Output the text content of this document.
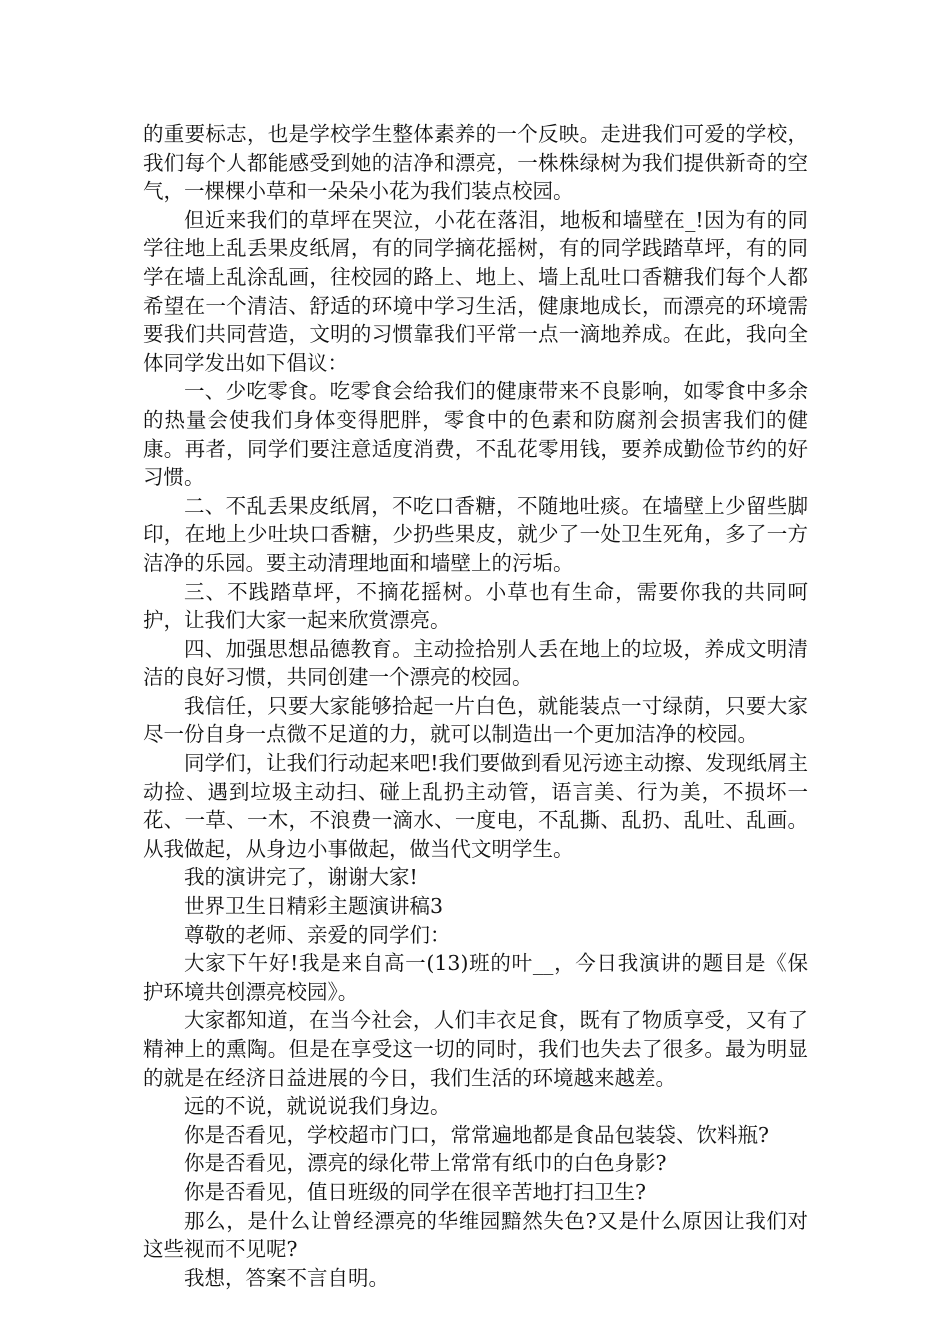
的重要标志，也是学校学生整体素养的一个反映。走进我们可爱的学校，我们每个人都能感受到她的洁净和漂亮，一株株绿树为我们提供新奇的空气，一棵棵小草和一朵朵小花为我们装点校园。

但近来我们的草坪在哭泣，小花在落泪，地板和墙壁在_!因为有的同学往地上乱丢果皮纸屑，有的同学摘花摇树，有的同学践踏草坪，有的同学在墙上乱涂乱画，往校园的路上、地上、墙上乱吐口香糖我们每个人都希望在一个清洁、舒适的环境中学习生活，健康地成长，而漂亮的环境需要我们共同营造，文明的习惯靠我们平常一点一滴地养成。在此，我向全体同学发出如下倡议：

一、少吃零食。吃零食会给我们的健康带来不良影响，如零食中多余的热量会使我们身体变得肥胖，零食中的色素和防腐剂会损害我们的健康。再者，同学们要注意适度消费，不乱花零用钱，要养成勤俭节约的好习惯。

二、不乱丢果皮纸屑，不吃口香糖，不随地吐痰。在墙壁上少留些脚印，在地上少吐块口香糖，少扔些果皮，就少了一处卫生死角，多了一方洁净的乐园。要主动清理地面和墙壁上的污垢。

三、不践踏草坪，不摘花摇树。小草也有生命，需要你我的共同呵护，让我们大家一起来欣赏漂亮。

四、加强思想品德教育。主动捡拾别人丢在地上的垃圾，养成文明清洁的良好习惯，共同创建一个漂亮的校园。

我信任，只要大家能够拾起一片白色，就能装点一寸绿荫，只要大家尽一份自身一点微不足道的力，就可以制造出一个更加洁净的校园。

同学们，让我们行动起来吧!我们要做到看见污迹主动擦、发现纸屑主动捡、遇到垃圾主动扫、碰上乱扔主动管，语言美、行为美，不损坏一花、一草、一木，不浪费一滴水、一度电，不乱撕、乱扔、乱吐、乱画。从我做起，从身边小事做起，做当代文明学生。

我的演讲完了，谢谢大家!

世界卫生日精彩主题演讲稿3

尊敬的老师、亲爱的同学们：

大家下午好!我是来自高一(13)班的叶__，今日我演讲的题目是《保护环境共创漂亮校园》。

大家都知道，在当今社会，人们丰衣足食，既有了物质享受，又有了精神上的熏陶。但是在享受这一切的同时，我们也失去了很多。最为明显的就是在经济日益进展的今日，我们生活的环境越来越差。

远的不说，就说说我们身边。

你是否看见，学校超市门口，常常遍地都是食品包装袋、饮料瓶?

你是否看见，漂亮的绿化带上常常有纸巾的白色身影?

你是否看见，值日班级的同学在很辛苦地打扫卫生?

那么，是什么让曾经漂亮的华维园黯然失色?又是什么原因让我们对这些视而不见呢?

我想，答案不言自明。
